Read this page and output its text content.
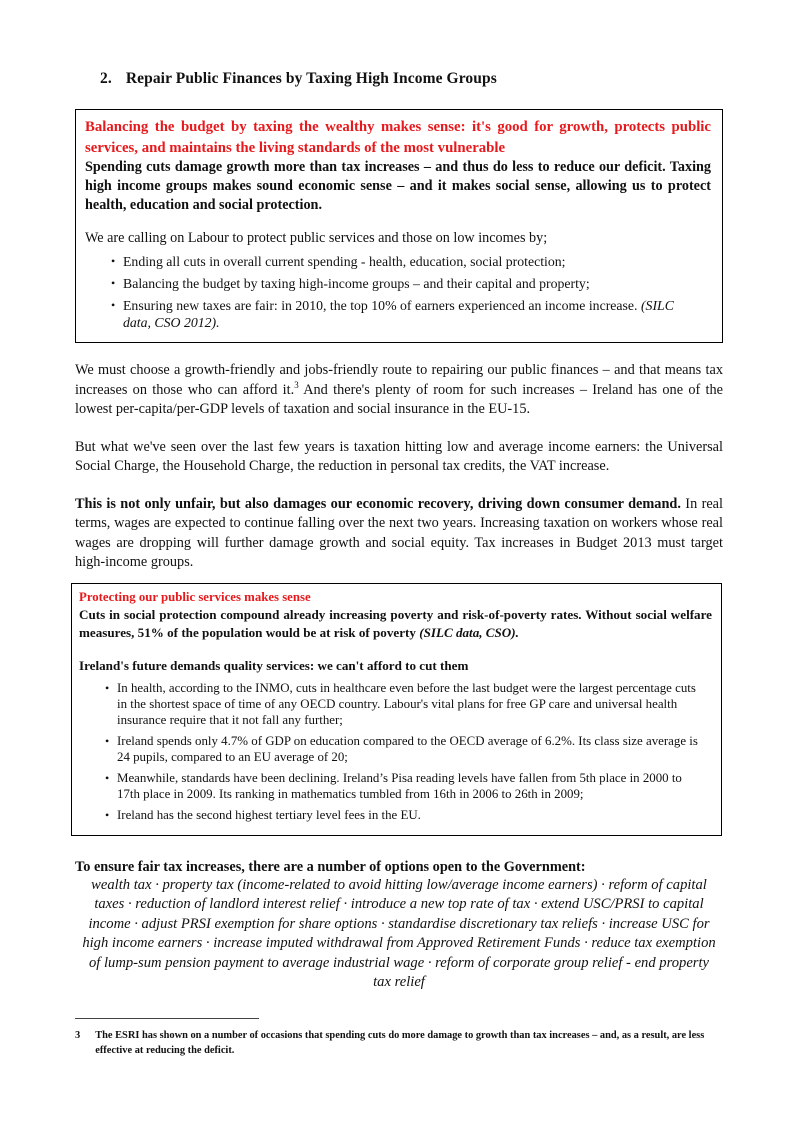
2. Repair Public Finances by Taxing High Income Groups
Balancing the budget by taxing the wealthy makes sense: it's good for growth, protects public services, and maintains the living standards of the most vulnerable
Spending cuts damage growth more than tax increases – and thus do less to reduce our deficit. Taxing high income groups makes sound economic sense – and it makes social sense, allowing us to protect health, education and social protection.
We are calling on Labour to protect public services and those on low incomes by;
• Ending all cuts in overall current spending - health, education, social protection;
• Balancing the budget by taxing high-income groups – and their capital and property;
• Ensuring new taxes are fair: in 2010, the top 10% of earners experienced an income increase. (SILC data, CSO 2012).
We must choose a growth-friendly and jobs-friendly route to repairing our public finances – and that means tax increases on those who can afford it.$^3$ And there's plenty of room for such increases – Ireland has one of the lowest per-capita/per-GDP levels of taxation and social insurance in the EU-15.
But what we've seen over the last few years is taxation hitting low and average income earners: the Universal Social Charge, the Household Charge, the reduction in personal tax credits, the VAT increase.
This is not only unfair, but also damages our economic recovery, driving down consumer demand. In real terms, wages are expected to continue falling over the next two years. Increasing taxation on workers whose real wages are dropping will further damage growth and social equity. Tax increases in Budget 2013 must target high-income groups.
Protecting our public services makes sense
Cuts in social protection compound already increasing poverty and risk-of-poverty rates. Without social welfare measures, 51% of the population would be at risk of poverty (SILC data, CSO).
Ireland's future demands quality services: we can't afford to cut them
• In health, according to the INMO, cuts in healthcare even before the last budget were the largest percentage cuts in the shortest space of time of any OECD country. Labour's vital plans for free GP care and universal health insurance require that it not fall any further;
• Ireland spends only 4.7% of GDP on education compared to the OECD average of 6.2%. Its class size average is 24 pupils, compared to an EU average of 20;
• Meanwhile, standards have been declining. Ireland’s Pisa reading levels have fallen from 5th place in 2000 to 17th place in 2009. Its ranking in mathematics tumbled from 16th in 2006 to 26th in 2009;
• Ireland has the second highest tertiary level fees in the EU.
To ensure fair tax increases, there are a number of options open to the Government:
wealth tax · property tax (income-related to avoid hitting low/average income earners) · reform of capital taxes · reduction of landlord interest relief · introduce a new top rate of tax · extend USC/PRSI to capital income · adjust PRSI exemption for share options · standardise discretionary tax reliefs · increase USC for high income earners · increase imputed withdrawal from Approved Retirement Funds · reduce tax exemption of lump-sum pension payment to average industrial wage · reform of corporate group relief - end property tax relief
3 The ESRI has shown on a number of occasions that spending cuts do more damage to growth than tax increases – and, as a result, are less effective at reducing the deficit.
